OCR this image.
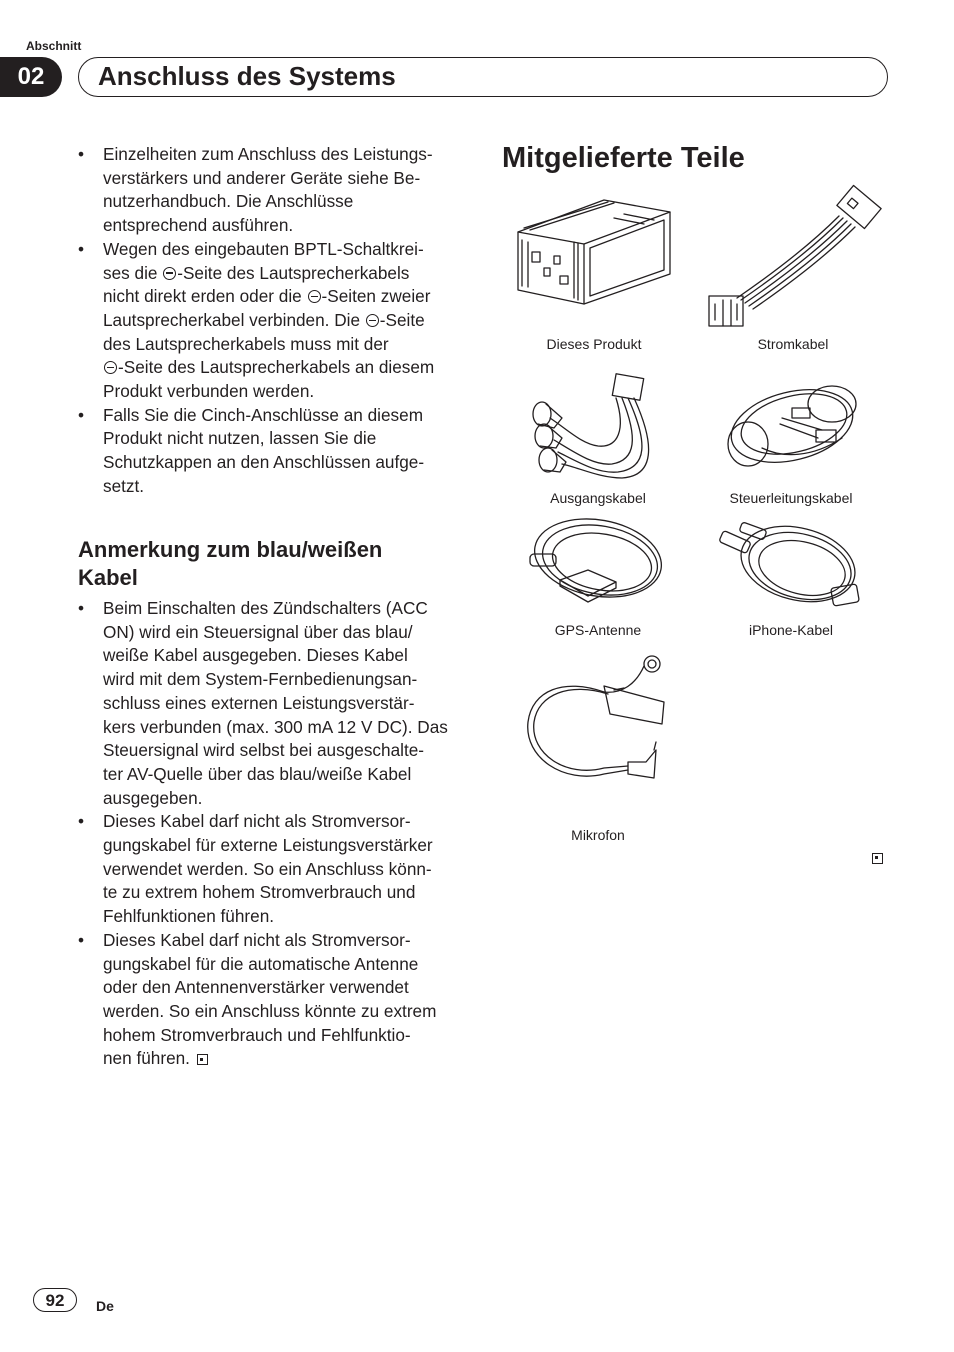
Abschnitt
02	Anschluss des Systems
• Einzelheiten zum Anschluss des Leistungs-
verstärkers und anderer Geräte siehe Be-
nutzerhandbuch. Die Anschlüsse
entsprechend ausführen.
• Wegen des eingebauten BPTL-Schaltkrei-
ses die -Seite des Lautsprecherkabels
nicht direkt erden oder die -Seiten zweier
Lautsprecherkabel verbinden. Die -Seite
des Lautsprecherkabels muss mit der
-Seite des Lautsprecherkabels an diesem
Produkt verbunden werden.
• Falls Sie die Cinch-Anschlüsse an diesem
Produkt nicht nutzen, lassen Sie die
Schutzkappen an den Anschlüssen aufge-
setzt.
Anmerkung zum blau/weißen
Kabel
• Beim Einschalten des Zündschalters (ACC
ON) wird ein Steuersignal über das blau/
weiße Kabel ausgegeben. Dieses Kabel
wird mit dem System-Fernbedienungsan-
schluss eines externen Leistungsverstär-
kers verbunden (max. 300 mA 12 V DC). Das
Steuersignal wird selbst bei ausgeschalte-
ter AV-Quelle über das blau/weiße Kabel
ausgegeben.
• Dieses Kabel darf nicht als Stromversor-
gungskabel für externe Leistungsverstärker
verwendet werden. So ein Anschluss könn-
te zu extrem hohem Stromverbrauch und
Fehlfunktionen führen.
• Dieses Kabel darf nicht als Stromversor-
gungskabel für die automatische Antenne
oder den Antennenverstärker verwendet
werden. So ein Anschluss könnte zu extrem
hohem Stromverbrauch und Fehlfunktio-
nen führen.
Mitgelieferte Teile
Dieses Produkt	Stromkabel
Ausgangskabel	Steuerleitungskabel
GPS-Antenne	iPhone-Kabel
Mikrofon
92	De
